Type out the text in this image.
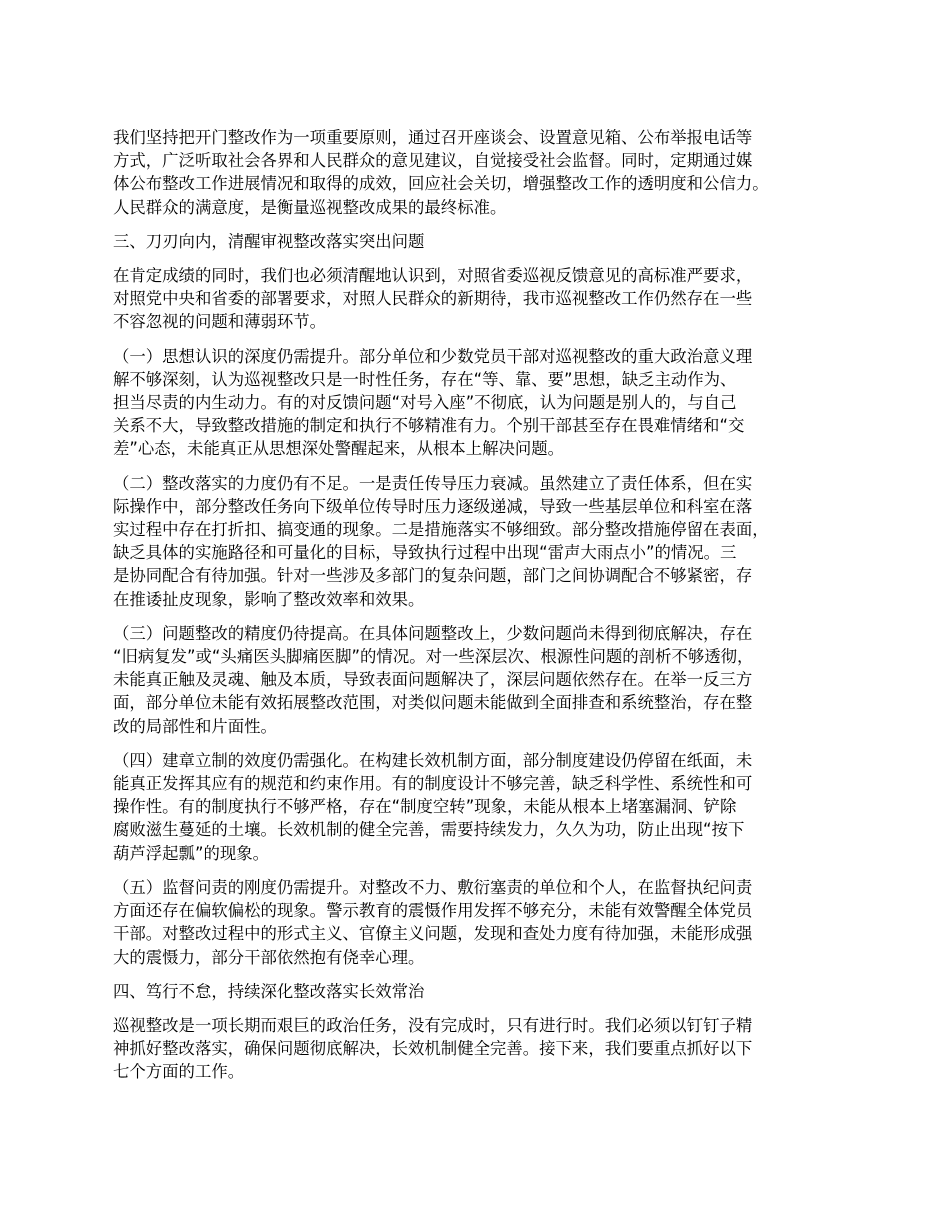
我们坚持把开门整改作为一项重要原则，通过召开座谈会、设置意见箱、公布举报电话等
方式，广泛听取社会各界和人民群众的意见建议，自觉接受社会监督。同时，定期通过媒
体公布整改工作进展情况和取得的成效，回应社会关切，增强整改工作的透明度和公信力。
人民群众的满意度，是衡量巡视整改成果的最终标准。

三、刀刃向内，清醒审视整改落实突出问题

在肯定成绩的同时，我们也必须清醒地认识到，对照省委巡视反馈意见的高标准严要求，
对照党中央和省委的部署要求，对照人民群众的新期待，我市巡视整改工作仍然存在一些
不容忽视的问题和薄弱环节。

（一）思想认识的深度仍需提升。部分单位和少数党员干部对巡视整改的重大政治意义理
解不够深刻，认为巡视整改只是一时性任务，存在“等、靠、要”思想，缺乏主动作为、
担当尽责的内生动力。有的对反馈问题“对号入座”不彻底，认为问题是别人的，与自己
关系不大，导致整改措施的制定和执行不够精准有力。个别干部甚至存在畏难情绪和“交
差”心态，未能真正从思想深处警醒起来，从根本上解决问题。

（二）整改落实的力度仍有不足。一是责任传导压力衰减。虽然建立了责任体系，但在实
际操作中，部分整改任务向下级单位传导时压力逐级递减，导致一些基层单位和科室在落
实过程中存在打折扣、搞变通的现象。二是措施落实不够细致。部分整改措施停留在表面，
缺乏具体的实施路径和可量化的目标，导致执行过程中出现“雷声大雨点小”的情况。三
是协同配合有待加强。针对一些涉及多部门的复杂问题，部门之间协调配合不够紧密，存
在推诿扯皮现象，影响了整改效率和效果。

（三）问题整改的精度仍待提高。在具体问题整改上，少数问题尚未得到彻底解决，存在
“旧病复发”或“头痛医头脚痛医脚”的情况。对一些深层次、根源性问题的剖析不够透彻，
未能真正触及灵魂、触及本质，导致表面问题解决了，深层问题依然存在。在举一反三方
面，部分单位未能有效拓展整改范围，对类似问题未能做到全面排查和系统整治，存在整
改的局部性和片面性。

（四）建章立制的效度仍需强化。在构建长效机制方面，部分制度建设仍停留在纸面，未
能真正发挥其应有的规范和约束作用。有的制度设计不够完善，缺乏科学性、系统性和可
操作性。有的制度执行不够严格，存在“制度空转”现象，未能从根本上堵塞漏洞、铲除
腐败滋生蔓延的土壤。长效机制的健全完善，需要持续发力，久久为功，防止出现“按下
葫芦浮起瓢”的现象。

（五）监督问责的刚度仍需提升。对整改不力、敷衍塞责的单位和个人，在监督执纪问责
方面还存在偏软偏松的现象。警示教育的震慑作用发挥不够充分，未能有效警醒全体党员
干部。对整改过程中的形式主义、官僚主义问题，发现和查处力度有待加强，未能形成强
大的震慑力，部分干部依然抱有侥幸心理。

四、笃行不怠，持续深化整改落实长效常治

巡视整改是一项长期而艰巨的政治任务，没有完成时，只有进行时。我们必须以钉钉子精
神抓好整改落实，确保问题彻底解决，长效机制健全完善。接下来，我们要重点抓好以下
七个方面的工作。
